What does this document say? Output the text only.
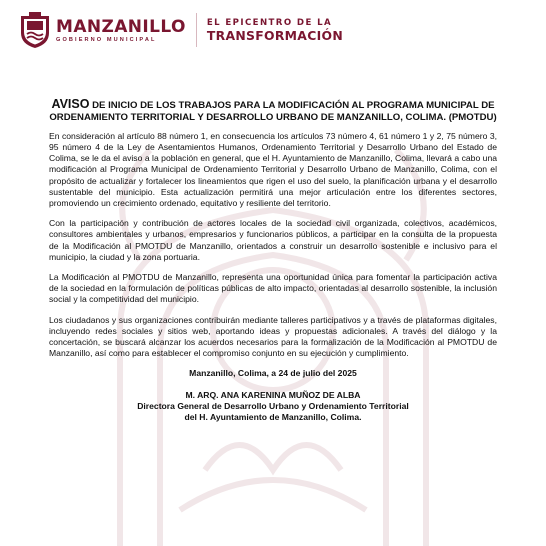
MANZANILLO
GOBIERNO MUNICIPAL
EL EPICENTRO DE LA
TRANSFORMACIÓN
AVISO DE INICIO DE LOS TRABAJOS PARA LA MODIFICACIÓN AL PROGRAMA MUNICIPAL DE ORDENAMIENTO TERRITORIAL Y DESARROLLO URBANO DE MANZANILLO, COLIMA. (PMOTDU)

En consideración al artículo 88 número 1, en consecuencia los artículos 73 número 4, 61 número 1 y 2, 75 número 3, 95 número 4 de la Ley de Asentamientos Humanos, Ordenamiento Territorial y Desarrollo Urbano del Estado de Colima, se le da el aviso a la población en general, que el H. Ayuntamiento de Manzanillo, Colima, llevará a cabo una modificación al Programa Municipal de Ordenamiento Territorial y Desarrollo Urbano de Manzanillo, Colima, con el propósito de actualizar y fortalecer los lineamientos que rigen el uso del suelo, la planificación urbana y el desarrollo sustentable del municipio. Esta actualización permitirá una mejor articulación entre los diferentes sectores, promoviendo un crecimiento ordenado, equitativo y resiliente del territorio.

Con la participación y contribución de actores locales de la sociedad civil organizada, colectivos, académicos, consultores ambientales y urbanos, empresarios y funcionarios públicos, a participar en la consulta de la propuesta de la Modificación al PMOTDU de Manzanillo, orientados a construir un desarrollo sostenible e inclusivo para el municipio, la ciudad y la zona portuaria.

La Modificación al PMOTDU de Manzanillo, representa una oportunidad única para fomentar la participación activa de la sociedad en la formulación de políticas públicas de alto impacto, orientadas al desarrollo sostenible, la inclusión social y la competitividad del municipio.

Los ciudadanos y sus organizaciones contribuirán mediante talleres participativos y a través de plataformas digitales, incluyendo redes sociales y sitios web, aportando ideas y propuestas adicionales. A través del diálogo y la concertación, se buscará alcanzar los acuerdos necesarios para la formalización de la Modificación al PMOTDU de Manzanillo, así como para establecer el compromiso conjunto en su ejecución y cumplimiento.

Manzanillo, Colima, a 24 de julio del 2025
M. ARQ. ANA KARENINA MUÑOZ DE ALBA
Directora General de Desarrollo Urbano y Ordenamiento Territorial
del H. Ayuntamiento de Manzanillo, Colima.
